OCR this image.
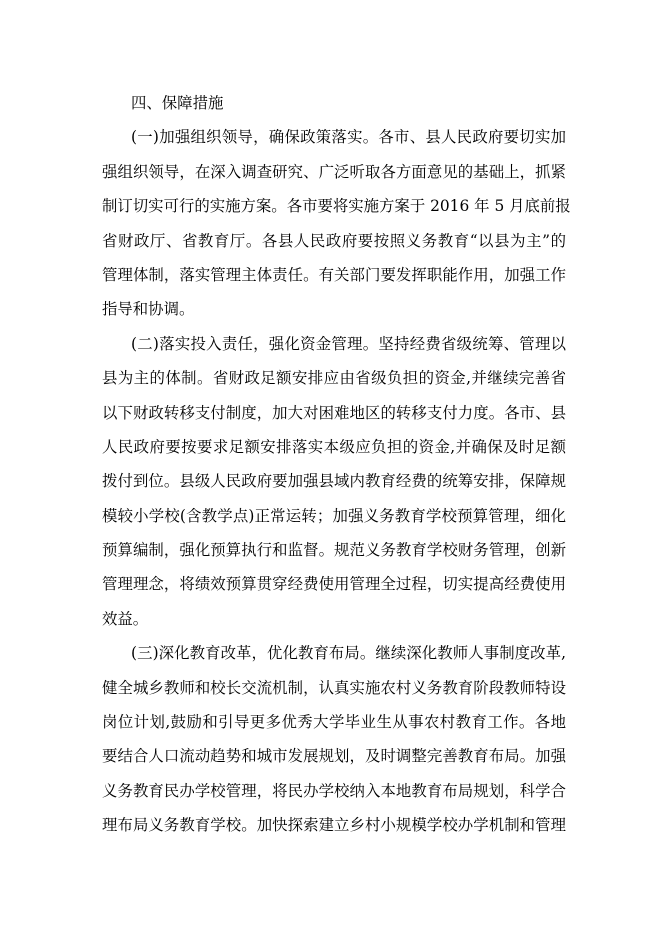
四、保障措施
(一)加强组织领导，确保政策落实。各市、县人民政府要切实加
强组织领导，在深入调查研究、广泛听取各方面意见的基础上，抓紧
制订切实可行的实施方案。各市要将实施方案于 2016 年 5 月底前报
省财政厅、省教育厅。各县人民政府要按照义务教育“以县为主”的
管理体制，落实管理主体责任。有关部门要发挥职能作用，加强工作
指导和协调。
(二)落实投入责任，强化资金管理。坚持经费省级统筹、管理以
县为主的体制。省财政足额安排应由省级负担的资金,并继续完善省
以下财政转移支付制度，加大对困难地区的转移支付力度。各市、县
人民政府要按要求足额安排落实本级应负担的资金,并确保及时足额
拨付到位。县级人民政府要加强县域内教育经费的统筹安排，保障规
模较小学校(含教学点)正常运转；加强义务教育学校预算管理，细化
预算编制，强化预算执行和监督。规范义务教育学校财务管理，创新
管理理念，将绩效预算贯穿经费使用管理全过程，切实提高经费使用
效益。
(三)深化教育改革，优化教育布局。继续深化教师人事制度改革,
健全城乡教师和校长交流机制，认真实施农村义务教育阶段教师特设
岗位计划,鼓励和引导更多优秀大学毕业生从事农村教育工作。各地
要结合人口流动趋势和城市发展规划，及时调整完善教育布局。加强
义务教育民办学校管理，将民办学校纳入本地教育布局规划，科学合
理布局义务教育学校。加快探索建立乡村小规模学校办学机制和管理
